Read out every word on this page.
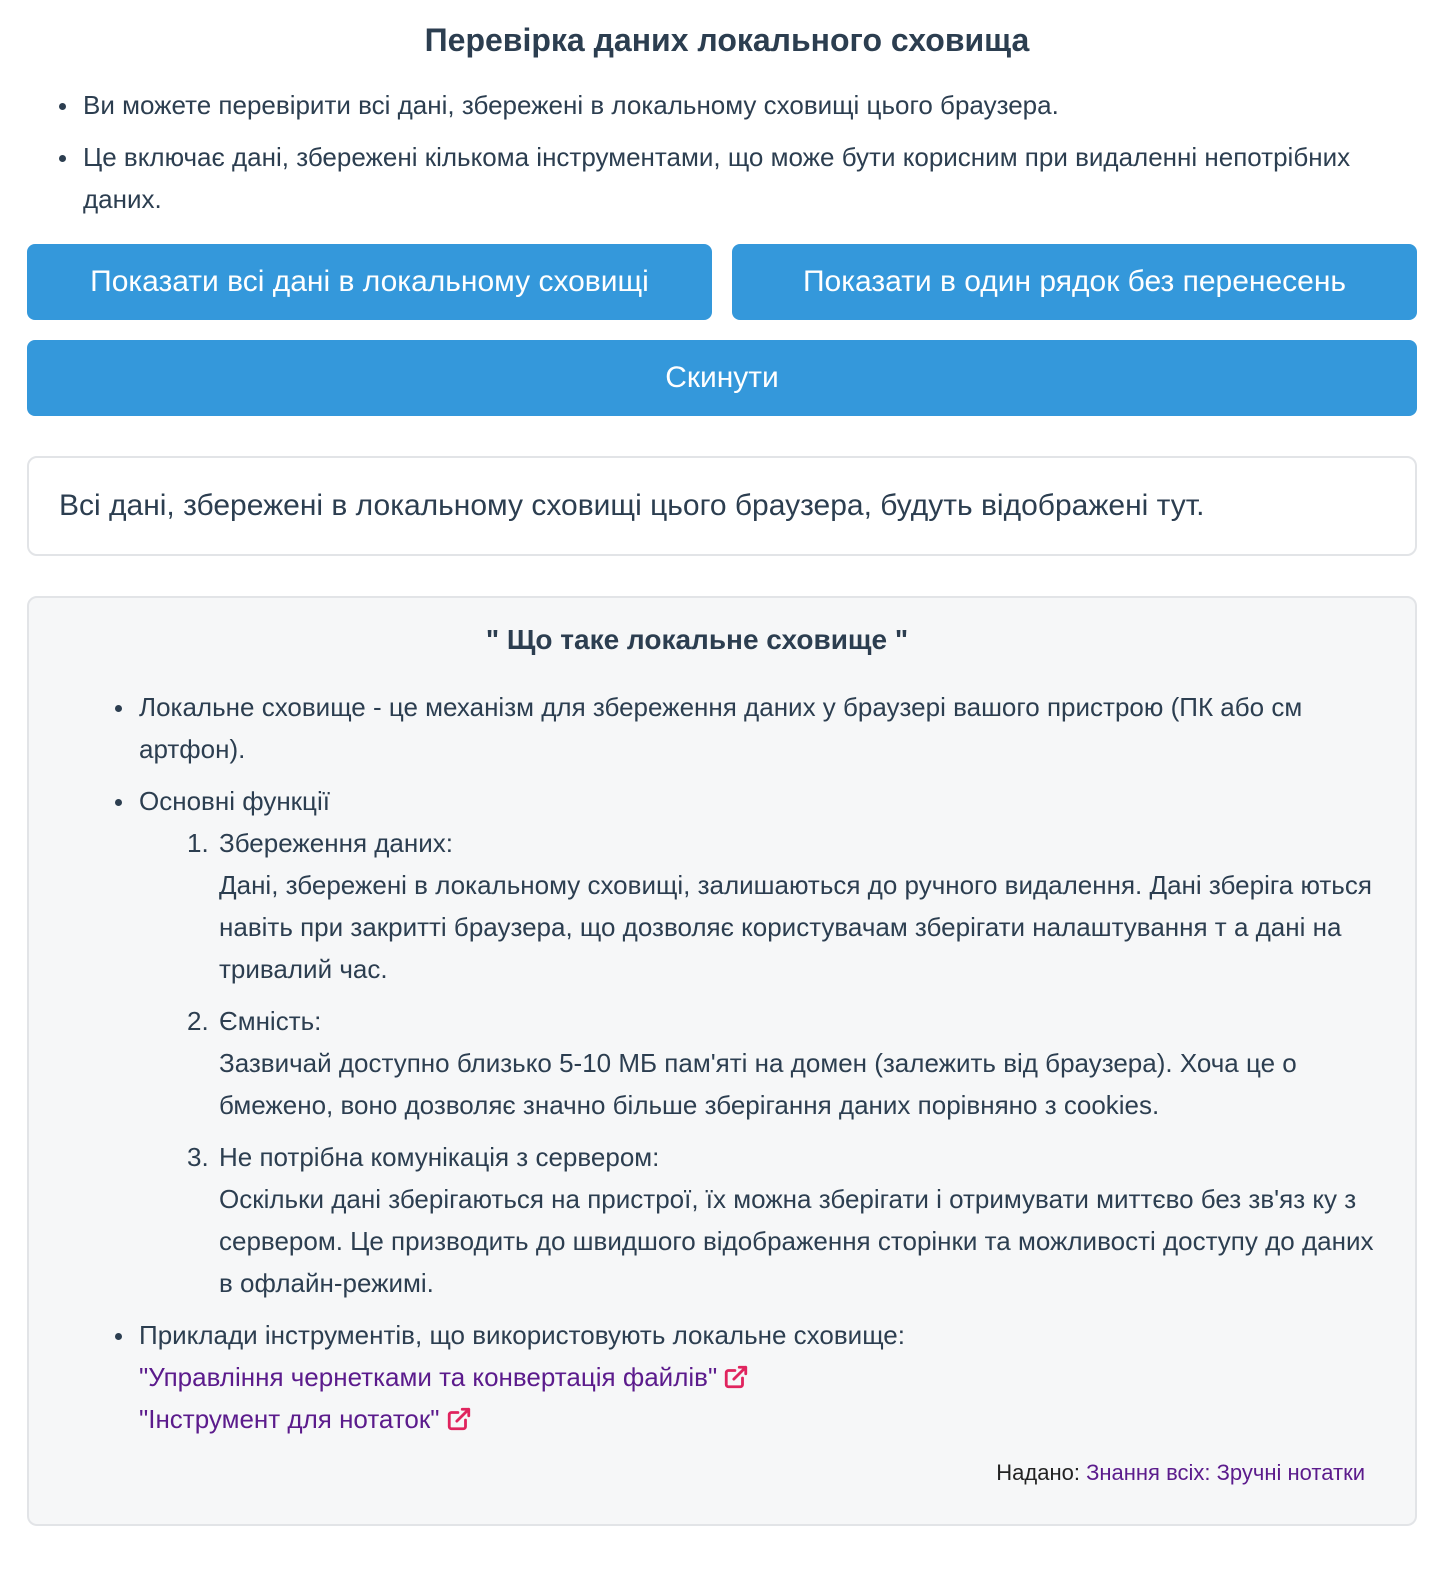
Перевірка даних локального сховища
Ви можете перевірити всі дані, збережені в локальному сховищі цього браузера.
Це включає дані, збережені кількома інструментами, що може бути корисним при видаленні непотрібних даних.
Показати всі дані в локальному сховищі	Показати в один рядок без перенесень
Скинути
Всі дані, збережені в локальному сховищі цього браузера, будуть відображені тут.
" Що таке локальне сховище "
Локальне сховище - це механізм для збереження даних у браузері вашого пристрою (ПК або см артфон).
Основні функції
1. Збереження даних:
Дані, збережені в локальному сховищі, залишаються до ручного видалення. Дані зберіга ються навіть при закритті браузера, що дозволяє користувачам зберігати налаштування т а дані на тривалий час.
2. Ємність:
Зазвичай доступно близько 5-10 МБ пам'яті на домен (залежить від браузера). Хоча це о бмежено, воно дозволяє значно більше зберігання даних порівняно з cookies.
3. Не потрібна комунікація з сервером:
Оскільки дані зберігаються на пристрої, їх можна зберігати і отримувати миттєво без зв'яз ку з сервером. Це призводить до швидшого відображення сторінки та можливості доступу до даних в офлайн-режимі.
Приклади інструментів, що використовують локальне сховище:
"Управління чернетками та конвертація файлів"
"Інструмент для нотаток"
Надано: Знання всіх: Зручні нотатки
